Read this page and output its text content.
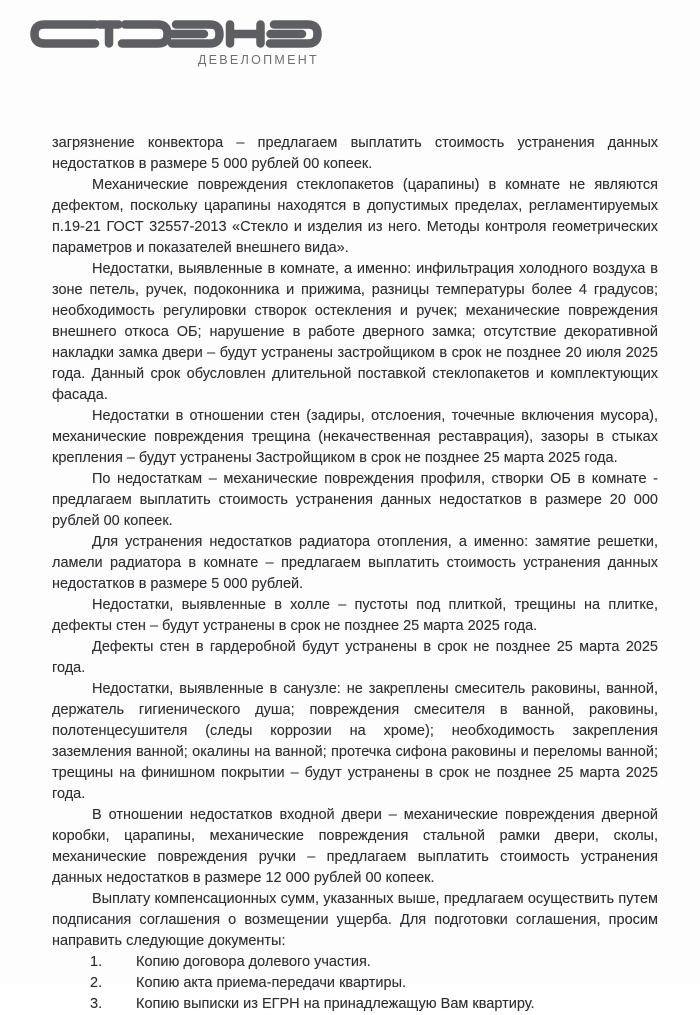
ДЕВЕЛОПМЕНТ

загрязнение конвектора – предлагаем выплатить стоимость устранения данных недостатков в размере 5 000 рублей 00 копеек.

Механические повреждения стеклопакетов (царапины) в комнате не являются дефектом, поскольку царапины находятся в допустимых пределах, регламентируемых п.19-21 ГОСТ 32557-2013 «Стекло и изделия из него. Методы контроля геометрических параметров и показателей внешнего вида».

Недостатки, выявленные в комнате, а именно: инфильтрация холодного воздуха в зоне петель, ручек, подоконника и прижима, разницы температуры более 4 градусов; необходимость регулировки створок остекления и ручек; механические повреждения внешнего откоса ОБ; нарушение в работе дверного замка; отсутствие декоративной накладки замка двери – будут устранены застройщиком в срок не позднее 20 июля 2025 года. Данный срок обусловлен длительной поставкой стеклопакетов и комплектующих фасада.

Недостатки в отношении стен (задиры, отслоения, точечные включения мусора), механические повреждения трещина (некачественная реставрация), зазоры в стыках крепления – будут устранены Застройщиком в срок не позднее 25 марта 2025 года.

По недостаткам – механические повреждения профиля, створки ОБ в комнате - предлагаем выплатить стоимость устранения данных недостатков в размере 20 000 рублей 00 копеек.

Для устранения недостатков радиатора отопления, а именно: замятие решетки, ламели радиатора в комнате – предлагаем выплатить стоимость устранения данных недостатков в размере 5 000 рублей.

Недостатки, выявленные в холле – пустоты под плиткой, трещины на плитке, дефекты стен – будут устранены в срок не позднее 25 марта 2025 года.

Дефекты стен в гардеробной будут устранены в срок не позднее 25 марта 2025 года.

Недостатки, выявленные в санузле: не закреплены смеситель раковины, ванной, держатель гигиенического душа; повреждения смесителя в ванной, раковины, полотенцесушителя (следы коррозии на хроме); необходимость закрепления заземления ванной; окалины на ванной; протечка сифона раковины и переломы ванной; трещины на финишном покрытии – будут устранены в срок не позднее 25 марта 2025 года.

В отношении недостатков входной двери – механические повреждения дверной коробки, царапины, механические повреждения стальной рамки двери, сколы, механические повреждения ручки – предлагаем выплатить стоимость устранения данных недостатков в размере 12 000 рублей 00 копеек.

Выплату компенсационных сумм, указанных выше, предлагаем осуществить путем подписания соглашения о возмещении ущерба. Для подготовки соглашения, просим направить следующие документы:

1.	Копию договора долевого участия.
2.	Копию акта приема-передачи квартиры.
3.	Копию выписки из ЕГРН на принадлежащую Вам квартиру.
